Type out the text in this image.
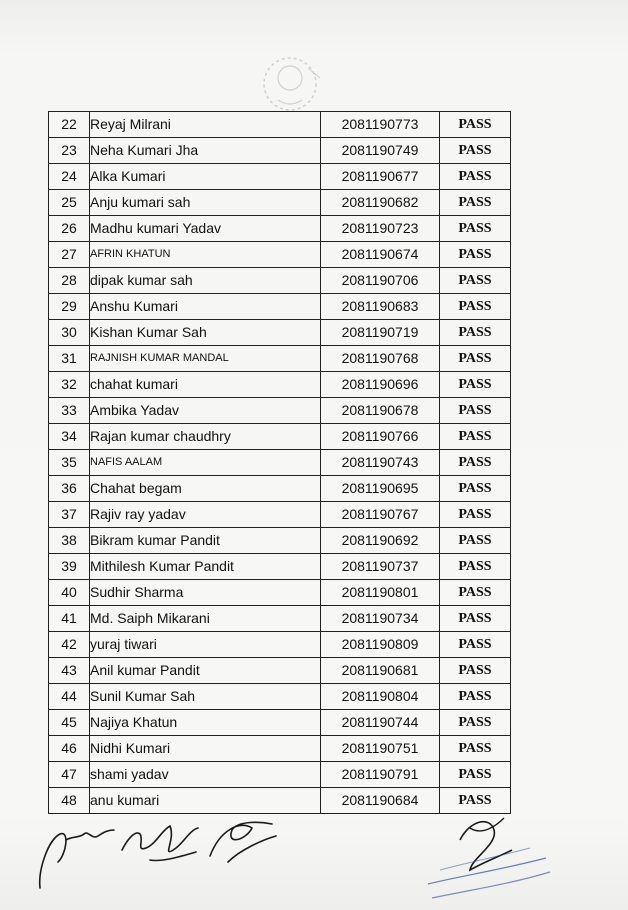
22	Reyaj Milrani	2081190773	PASS
23	Neha Kumari Jha	2081190749	PASS
24	Alka Kumari	2081190677	PASS
25	Anju kumari sah	2081190682	PASS
26	Madhu kumari Yadav	2081190723	PASS
27	AFRIN KHATUN	2081190674	PASS
28	dipak kumar sah	2081190706	PASS
29	Anshu Kumari	2081190683	PASS
30	Kishan Kumar Sah	2081190719	PASS
31	RAJNISH KUMAR MANDAL	2081190768	PASS
32	chahat kumari	2081190696	PASS
33	Ambika Yadav	2081190678	PASS
34	Rajan kumar chaudhry	2081190766	PASS
35	NAFIS AALAM	2081190743	PASS
36	Chahat begam	2081190695	PASS
37	Rajiv ray yadav	2081190767	PASS
38	Bikram kumar Pandit	2081190692	PASS
39	Mithilesh Kumar Pandit	2081190737	PASS
40	Sudhir Sharma	2081190801	PASS
41	Md. Saiph Mikarani	2081190734	PASS
42	yuraj tiwari	2081190809	PASS
43	Anil kumar Pandit	2081190681	PASS
44	Sunil Kumar Sah	2081190804	PASS
45	Najiya Khatun	2081190744	PASS
46	Nidhi Kumari	2081190751	PASS
47	shami yadav	2081190791	PASS
48	anu kumari	2081190684	PASS
